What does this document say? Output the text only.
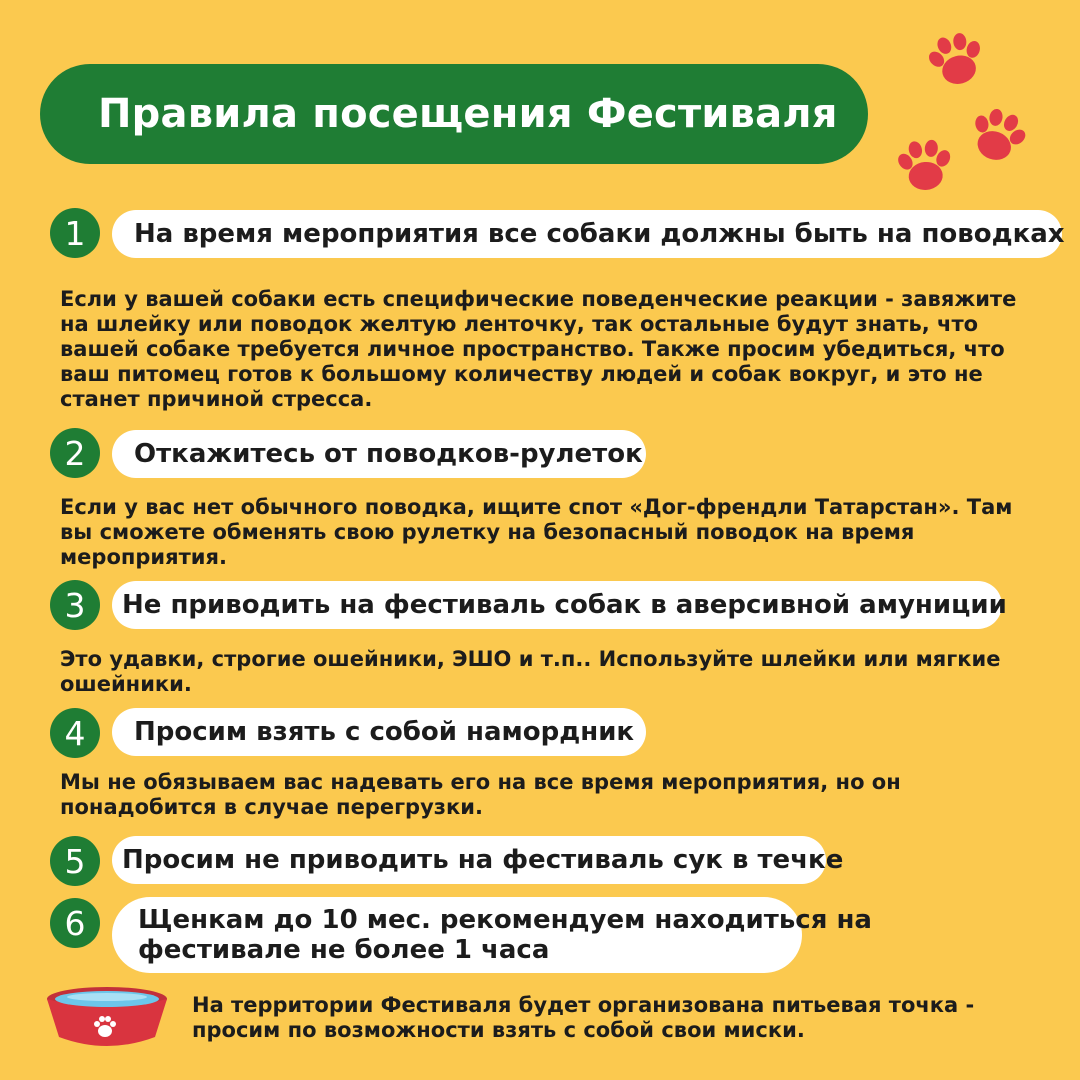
Правила посещения Фестиваля
1	На время мероприятия все собаки должны быть на поводках
Если у вашей собаки есть специфические поведенческие реакции - завяжите на шлейку или поводок желтую ленточку, так остальные будут знать, что вашей собаке требуется личное пространство. Также просим убедиться, что ваш питомец готов к большому количеству людей и собак вокруг, и это не станет причиной стресса.
2	Откажитесь от поводков-рулеток
Если у вас нет обычного поводка, ищите спот «Дог-френдли Татарстан». Там вы сможете обменять свою рулетку на безопасный поводок на время мероприятия.
3	Не приводить на фестиваль собак в аверсивной амуниции
Это удавки, строгие ошейники, ЭШО и т.п.. Используйте шлейки или мягкие ошейники.
4	Просим взять с собой намордник
Мы не обязываем вас надевать его на все время мероприятия, но он понадобится в случае перегрузки.
5	Просим не приводить на фестиваль сук в течке
6	Щенкам до 10 мес. рекомендуем находиться на
фестивале не более 1 часа
На территории Фестиваля будет организована питьевая точка -
просим по возможности взять с собой свои миски.
